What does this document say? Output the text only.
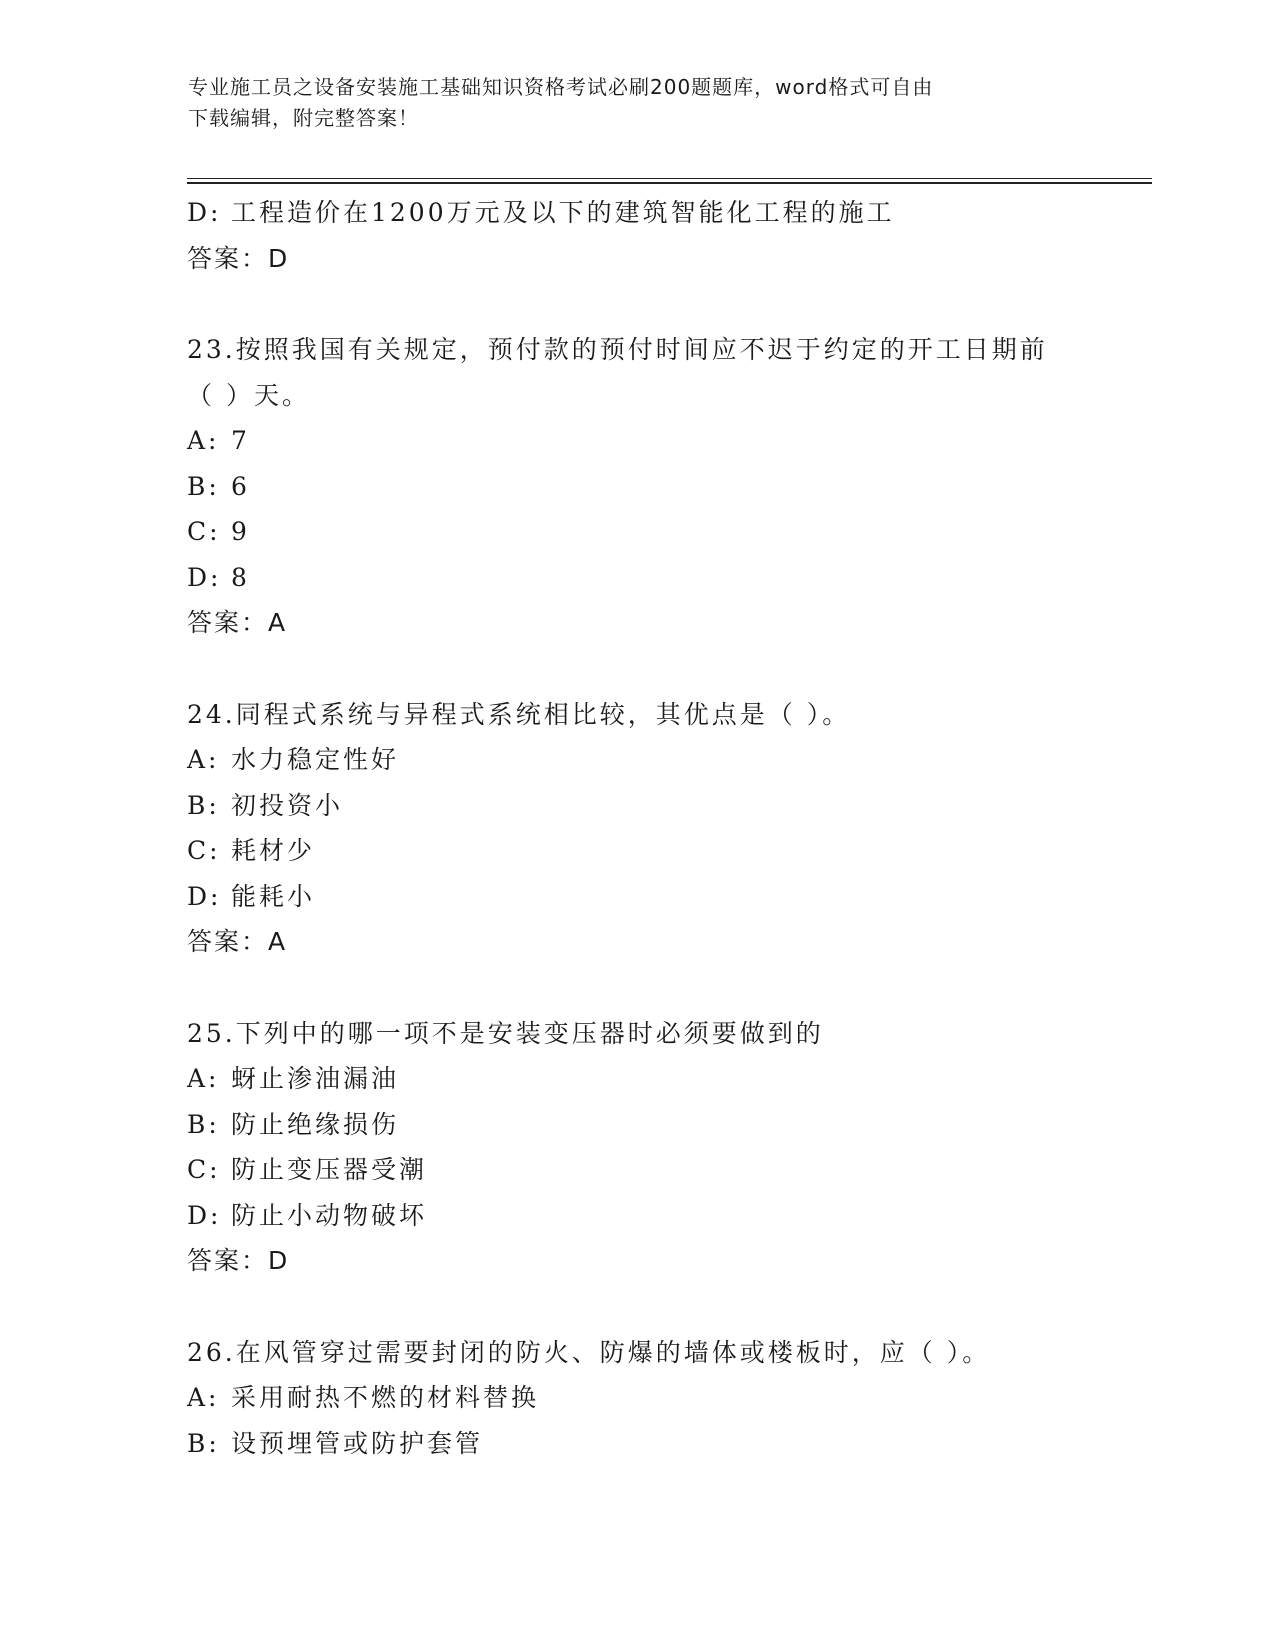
专业施工员之设备安装施工基础知识资格考试必刷200题题库，word格式可自由
下载编辑，附完整答案！
D: 工程造价在1200万元及以下的建筑智能化工程的施工
答案：D
23.按照我国有关规定，预付款的预付时间应不迟于约定的开工日期前
（ ）天。
A: 7
B: 6
C: 9
D: 8
答案：A
24.同程式系统与异程式系统相比较，其优点是（ ）。
A: 水力稳定性好
B: 初投资小
C: 耗材少
D: 能耗小
答案：A
25.下列中的哪一项不是安装变压器时必须要做到的
A: 蚜止渗油漏油
B: 防止绝缘损伤
C: 防止变压器受潮
D: 防止小动物破坏
答案：D
26.在风管穿过需要封闭的防火、防爆的墙体或楼板时，应（ ）。
A: 采用耐热不燃的材料替换
B: 设预埋管或防护套管
